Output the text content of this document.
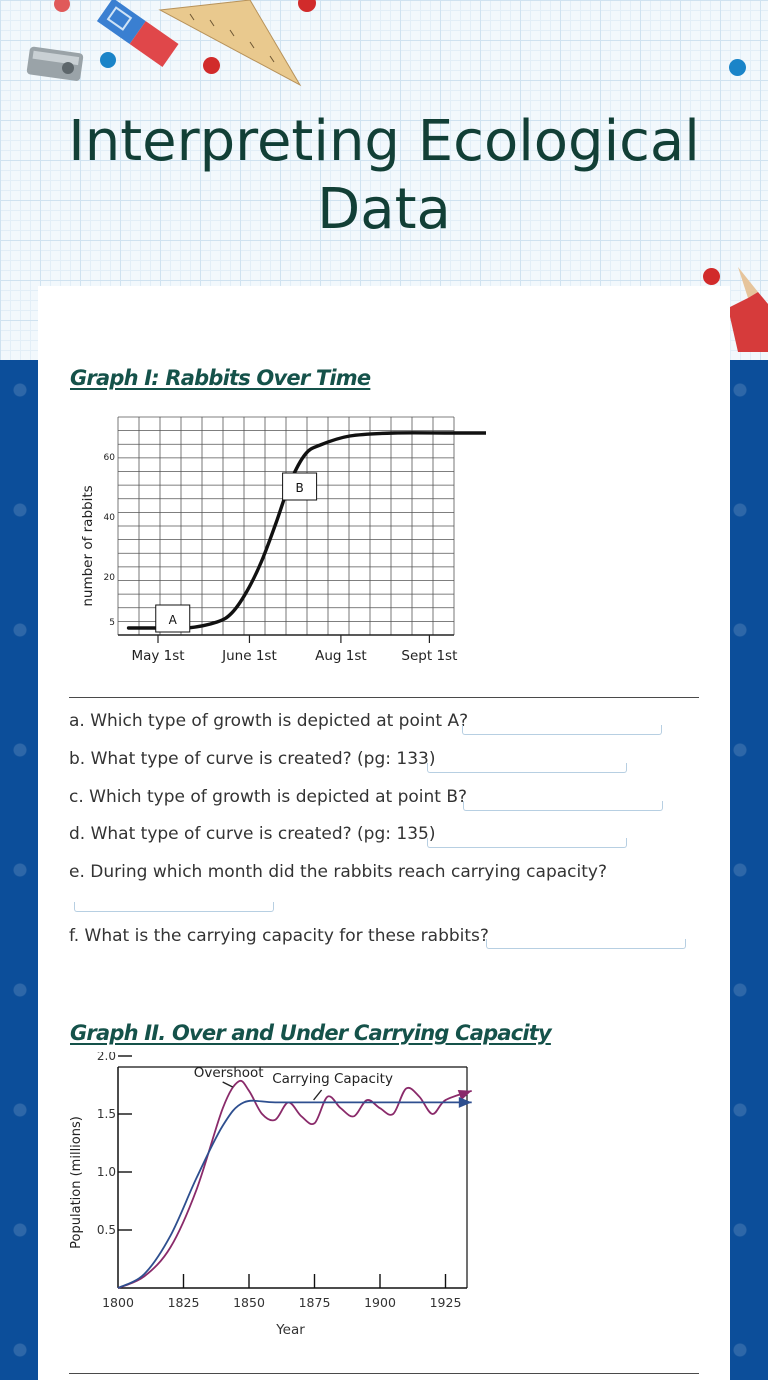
Interpreting Ecological
Data
Graph I: Rabbits Over Time
5
20
40
60
May 1st	June 1st	Aug 1st	Sept 1st
number of rabbits
A
B
a. Which type of growth is depicted at point A?
b. What type of curve is created? (pg: 133)
c. Which type of growth is depicted at point B?
d. What type of curve is created? (pg: 135)
e. During which month did the rabbits reach carrying capacity?
f. What is the carrying capacity for these rabbits?
Graph II. Over and Under Carrying Capacity
0.5
1.0
1.5
2.0
1800	1825	1850	1875	1900	1925
Year
Population (millions)
Overshoot Carrying Capacity
